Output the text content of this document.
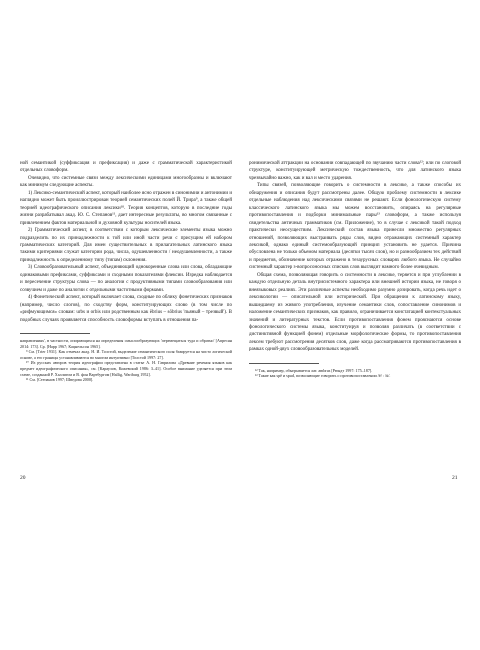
ной семантикой (суффиксация и префиксация) и даже с грамматической характеристикой отдельных словоформ.

Очевидно, что системные связи между лексическими единицами многообразны и включают как минимум следующие аспекты.

1) Лексико-семантический аспект, который наиболее ясно отражен в синонимии и антонимии и наглядно может быть проиллюстрирован теорией семантических полей Й. Трира⁹, а также общей теорией идеографического описания лексики¹⁰. Теория концептов, которую в последние годы жизни разрабатывал акад. Ю. С. Степанов¹¹, дает интересные результаты, во многом связанные с привлечением фактов материальной и духовной культуры носителей языка.

2) Грамматический аспект, в соответствии с которым лексические элементы языка можно подразделить по их принадлежности к той или иной части речи с присущим ей набором грамматических категорий. Для имен существительных в прилагательных латинского языка такими критериями служат категории рода, числа, одушевленности / неодушевленности, а также принадлежность к определенному типу (типам) склонения.

3) Словообразовательный аспект, объединяющий однокоренные слова или слова, обладающие одинаковыми префиксами, суффиксами и сходными показателями флексии. Изредка наблюдается и пересечение структуры слова — по аналогии с продуктивными типами словообразования или созвучием и даже по аналогии с отдельными частотными формами.

4) Фонетический аспект, который включает слова, сходные по облику фонетических признаков (например, число слогов), по сходству форм, конституирующих слово (в том числе по «рифмующимся» словам: urbs и orbis или родственным как ēbrius – sōbrius 'пьяный – трезвый'). В подобных случаях проявляется способность словоформы вступать в отношения па-

направлениях', в частности, опирающихся на определения смыслообразующих 'перемещаться туда и обратно' [Апресян 2014: 173]. Ср. [Нарр 1967; Кацнельсон 1965].

⁹ См. [Trier 1931]. Как отмечал акад. Н. И. Толстой, выделение семантического поля базируется на чисто логической основе, а его границы устанавливаются во многом интуитивно [Толстой 1997: 27].

¹⁰ Из русских авторов теория идеографии представлена в статье А. Н. Гаврилова «Древние речения языков как предмет идеографического описания», см. [Караулов, Кожевский 1986: 3–41]. Особое внимание уделяется при этом схеме, созданной Р. Халлигом и В. фон Вартбургом [Hallig, Wartburg 1952].

¹¹ См. [Степанов 1997; Шведова 2000].

ронимической аттракции на основании совпадающей по звучанию части слова¹²; или по слоговой структуре, конституирующей метрическую тождественность, что для латинского языка чрезвычайно важно, как и вал и место ударения.

Типы связей, позволяющие говорить о системности в лексике, а также способы их обнаружения и описания будут рассмотрены далее. Общую проблему системности в лексике отдельные наблюдения над лексическими связями не решают. Если фонологическую систему классического латинского языка мы можем восстановить, опираясь на регулярные противопоставления и подборки минимальные пары¹³ словоформ, а также используя свидетельства античных грамматиков (см. Приложение), то в случае с лексикой такой подход практически неосуществим. Лексический состав языка принесли множество регулярных отношений, позволяющих выстраивать ряды слов, видно отражающих системный характер лексикой, однако единый системообразующий принцип установить не удается. Причина обусловлена не только объемом материала (десятки тысяч слов), но и разнообразием тех действий и предметов, обозначение которых отражено в тезаурусных словарях любого языка. Не случайно системный характер з-вопросоносных списков слов выглядит намного более очевидным.

Общая схема, позволяющая говорить о системности в лексике, теряется и при углублении в каждую отдельную деталь внутрисистемного характера или внешней истории языка, не говоря о внеязыковых реалиях. Эти различные аспекты необходимо разумно дозировать, когда речь идет о лексикологии — описательной или исторической. При обращении к латинскому языку, вышедшему из живого употребления, изучение семантики слов, сопоставление синонимов и наложение семантических признаков, как правило, ограничивается констатацией контекстуальных значений и литературных текстов. Если противопоставления фонем прояснаются основе фонологического системы языка, конституируя и позволяя различать (в соответствии с дистинктивной функцией фонем) отдельные морфологические формы, то противопоставления лексем требуют рассмотрения десятков слов, даже когда рассматриваются противопоставления в рамках одной-двух словообразовательных моделей.

¹² Так, например, обыгрывается лат. ambrus [Рюндт 1997: 175–187].

¹³ Такие как spē и spud, позволяющие говорить о противопоставлении /ē/ : /ŭ/.

20	21
